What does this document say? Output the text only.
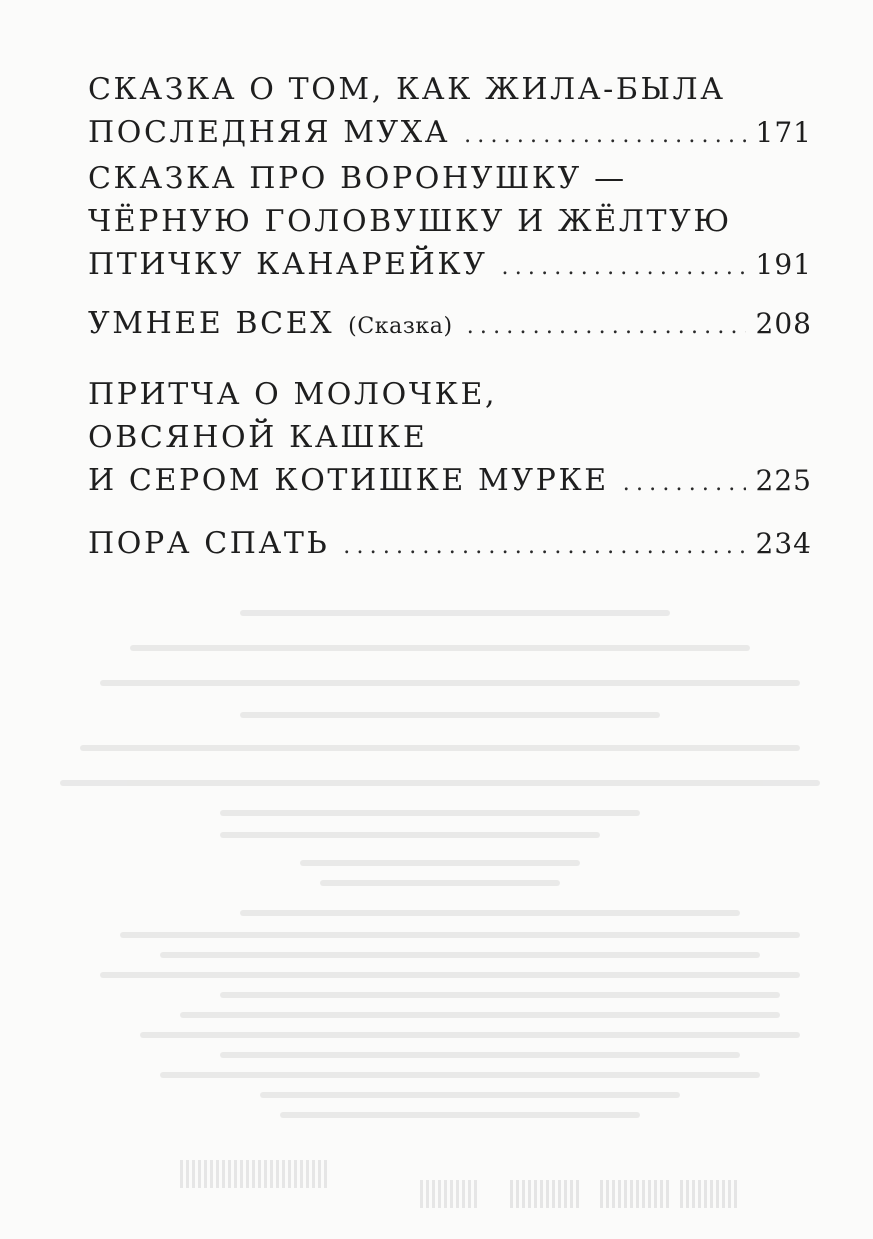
СКАЗКА О ТОМ, КАК ЖИЛА-БЫЛА
ПОСЛЕДНЯЯ МУХА .....	171
СКАЗКА ПРО ВОРОНУШКУ —
ЧЁРНУЮ ГОЛОВУШКУ И ЖЁЛТУЮ
ПТИЧКУ КАНАРЕЙКУ .....	191
УМНЕЕ ВСЕХ (Сказка) .....	208
ПРИТЧА О МОЛОЧКЕ,
ОВСЯНОЙ КАШКЕ
И СЕРОМ КОТИШКЕ МУРКЕ .....	225
ПОРА СПАТЬ .....	234
